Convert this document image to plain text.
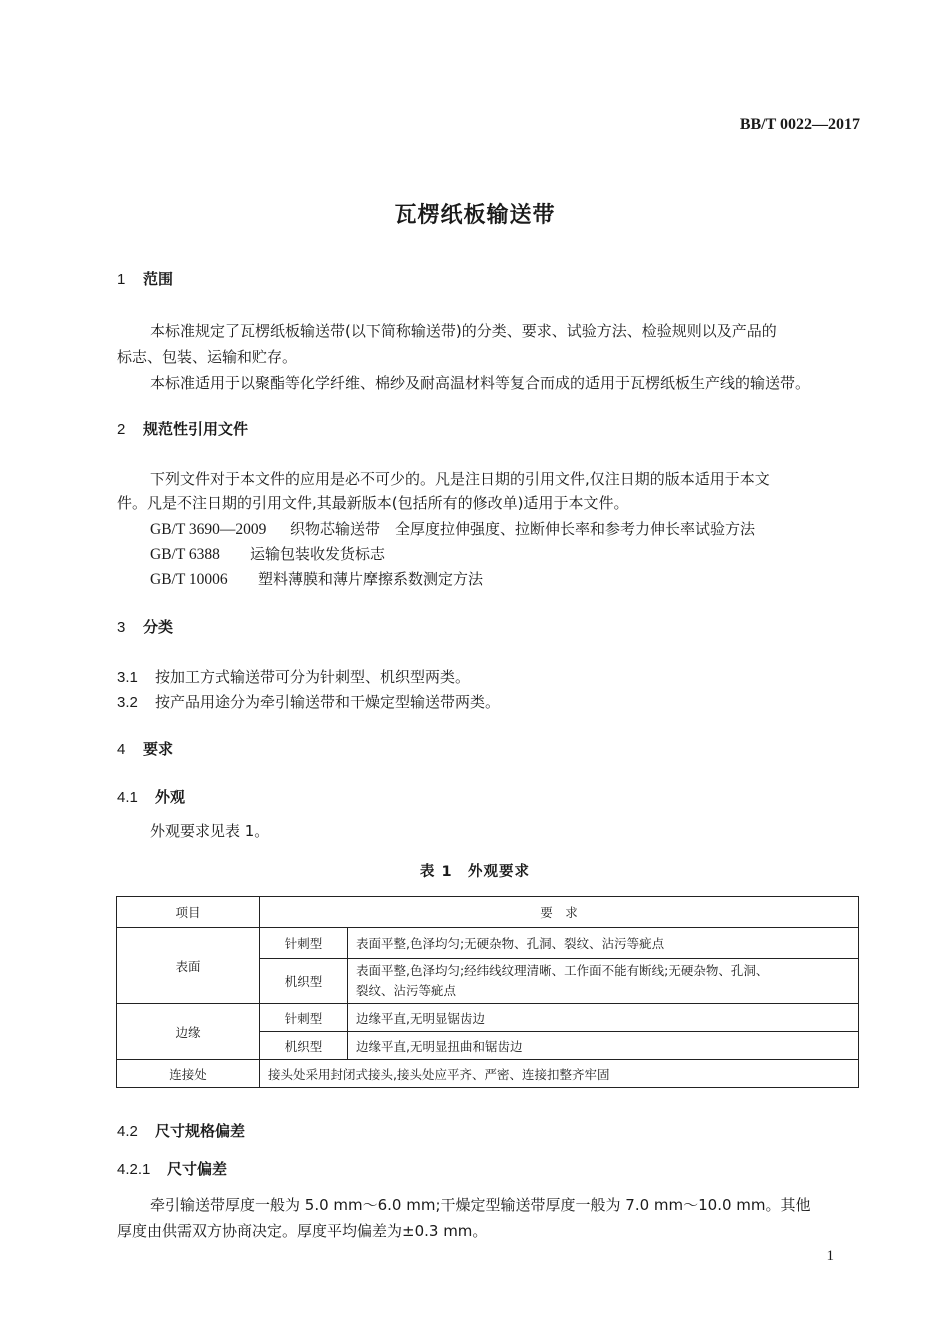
BB/T 0022—2017
瓦楞纸板输送带
1 范围
本标准规定了瓦楞纸板输送带(以下简称输送带)的分类、要求、试验方法、检验规则以及产品的
标志、包装、运输和贮存。
本标准适用于以聚酯等化学纤维、棉纱及耐高温材料等复合而成的适用于瓦楞纸板生产线的输送带。
2 规范性引用文件
下列文件对于本文件的应用是必不可少的。凡是注日期的引用文件,仅注日期的版本适用于本文
件。凡是不注日期的引用文件,其最新版本(包括所有的修改单)适用于本文件。
GB/T 3690—2009 织物芯输送带　全厚度拉伸强度、拉断伸长率和参考力伸长率试验方法
GB/T 6388 运输包装收发货标志
GB/T 10006 塑料薄膜和薄片摩擦系数测定方法
3 分类
3.1 按加工方式输送带可分为针刺型、机织型两类。
3.2 按产品用途分为牵引输送带和干燥定型输送带两类。
4 要求
4.1 外观
外观要求见表 1。
表 1　外观要求
项目	要　求	
表面	针刺型	表面平整,色泽均匀;无硬杂物、孔洞、裂纹、沾污等疵点
	机织型	表面平整,色泽均匀;经纬线纹理清晰、工作面不能有断线;无硬杂物、孔洞、
裂纹、沾污等疵点

边缘	针刺型	边缘平直,无明显锯齿边
	机织型	边缘平直,无明显扭曲和锯齿边
连接处	接头处采用封闭式接头,接头处应平齐、严密、连接扣整齐牢固	
4.2 尺寸规格偏差
4.2.1 尺寸偏差
牵引输送带厚度一般为 5.0 mm～6.0 mm;干燥定型输送带厚度一般为 7.0 mm～10.0 mm。其他
厚度由供需双方协商决定。厚度平均偏差为±0.3 mm。
1
